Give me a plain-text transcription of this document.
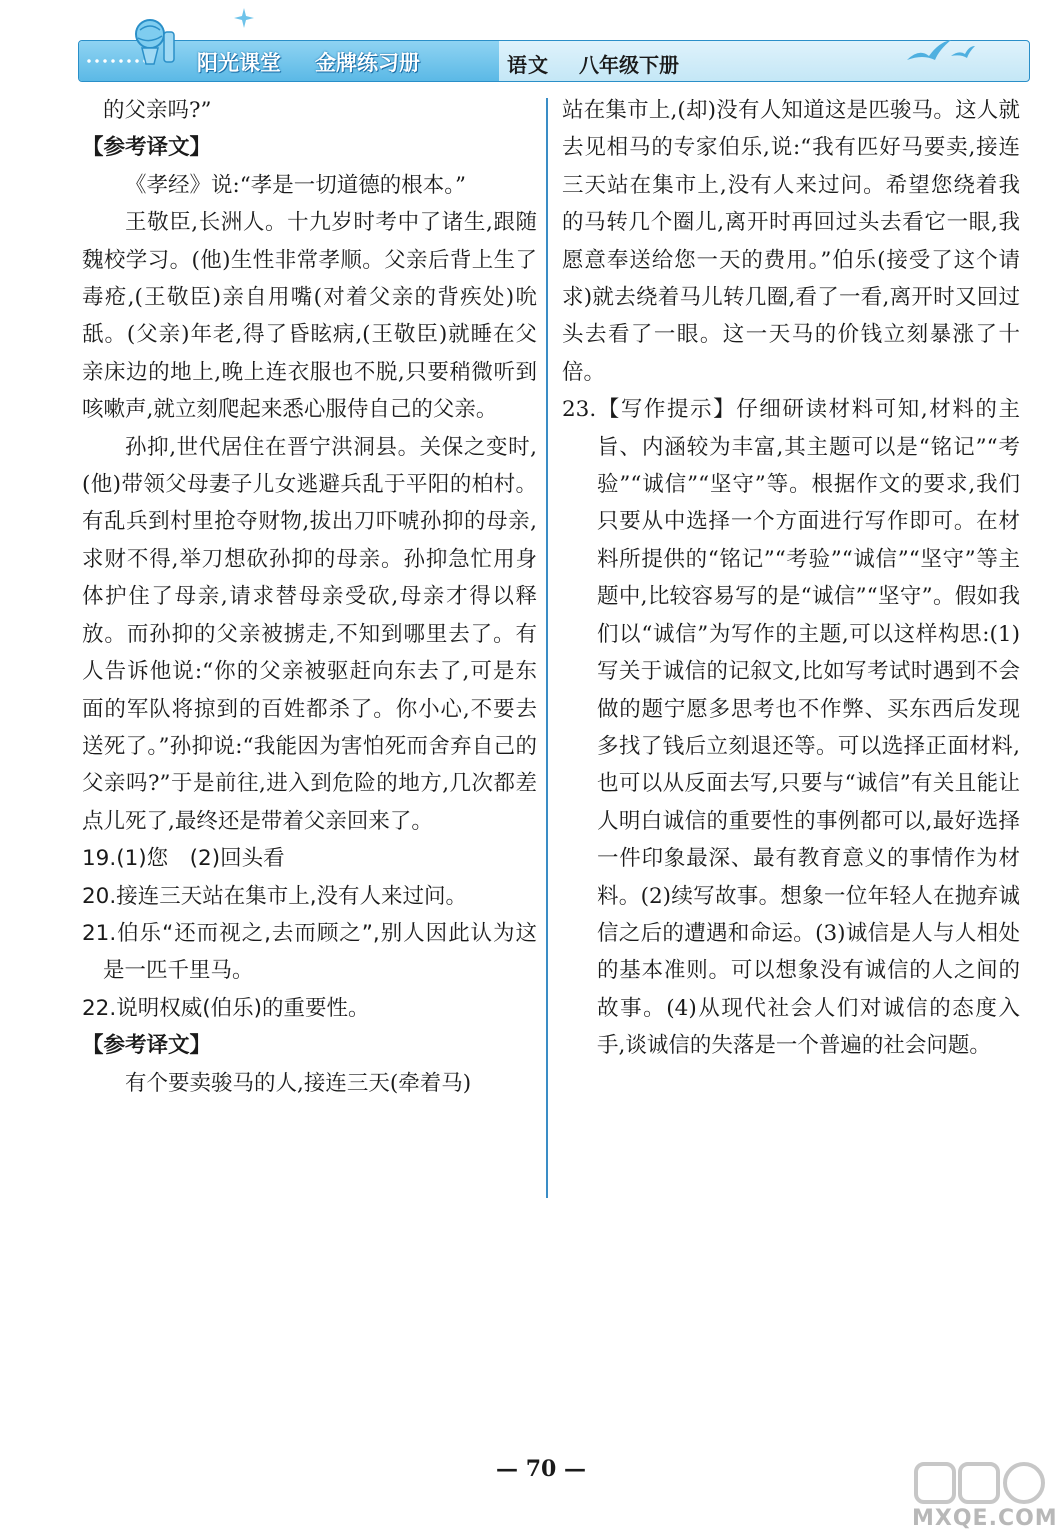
阳光课堂 金牌练习册	语文 八年级下册

的父亲吗?”

【参考译文】

《孝经》说:“孝是一切道德的根本。”

王敬臣,长洲人。十九岁时考中了诸生,跟随魏校学习。(他)生性非常孝顺。父亲后背上生了毒疮,(王敬臣)亲自用嘴(对着父亲的背疾处)吮舐。(父亲)年老,得了昏眩病,(王敬臣)就睡在父亲床边的地上,晚上连衣服也不脱,只要稍微听到咳嗽声,就立刻爬起来悉心服侍自己的父亲。

孙抑,世代居住在晋宁洪洞县。关保之变时,(他)带领父母妻子儿女逃避兵乱于平阳的柏村。有乱兵到村里抢夺财物,拔出刀吓唬孙抑的母亲,求财不得,举刀想砍孙抑的母亲。孙抑急忙用身体护住了母亲,请求替母亲受砍,母亲才得以释放。而孙抑的父亲被掳走,不知到哪里去了。有人告诉他说:“你的父亲被驱赶向东去了,可是东面的军队将掠到的百姓都杀了。你小心,不要去送死了。”孙抑说:“我能因为害怕死而舍弃自己的父亲吗?”于是前往,进入到危险的地方,几次都差点儿死了,最终还是带着父亲回来了。

19.(1)您　(2)回头看

20.接连三天站在集市上,没有人来过问。

21.伯乐“还而视之,去而顾之”,别人因此认为这是一匹千里马。

22.说明权威(伯乐)的重要性。

【参考译文】

有个要卖骏马的人,接连三天(牵着马)

站在集市上,(却)没有人知道这是匹骏马。这人就去见相马的专家伯乐,说:“我有匹好马要卖,接连三天站在集市上,没有人来过问。希望您绕着我的马转几个圈儿,离开时再回过头去看它一眼,我愿意奉送给您一天的费用。”伯乐(接受了这个请求)就去绕着马儿转几圈,看了一看,离开时又回过头去看了一眼。这一天马的价钱立刻暴涨了十倍。

23.【写作提示】仔细研读材料可知,材料的主旨、内涵较为丰富,其主题可以是“铭记”“考验”“诚信”“坚守”等。根据作文的要求,我们只要从中选择一个方面进行写作即可。在材料所提供的“铭记”“考验”“诚信”“坚守”等主题中,比较容易写的是“诚信”“坚守”。假如我们以“诚信”为写作的主题,可以这样构思:(1)写关于诚信的记叙文,比如写考试时遇到不会做的题宁愿多思考也不作弊、买东西后发现多找了钱后立刻退还等。可以选择正面材料,也可以从反面去写,只要与“诚信”有关且能让人明白诚信的重要性的事例都可以,最好选择一件印象最深、最有教育意义的事情作为材料。(2)续写故事。想象一位年轻人在抛弃诚信之后的遭遇和命运。(3)诚信是人与人相处的基本准则。可以想象没有诚信的人之间的故事。(4)从现代社会人们对诚信的态度入手,谈诚信的失落是一个普遍的社会问题。

— 70 —
MXQE.COM
